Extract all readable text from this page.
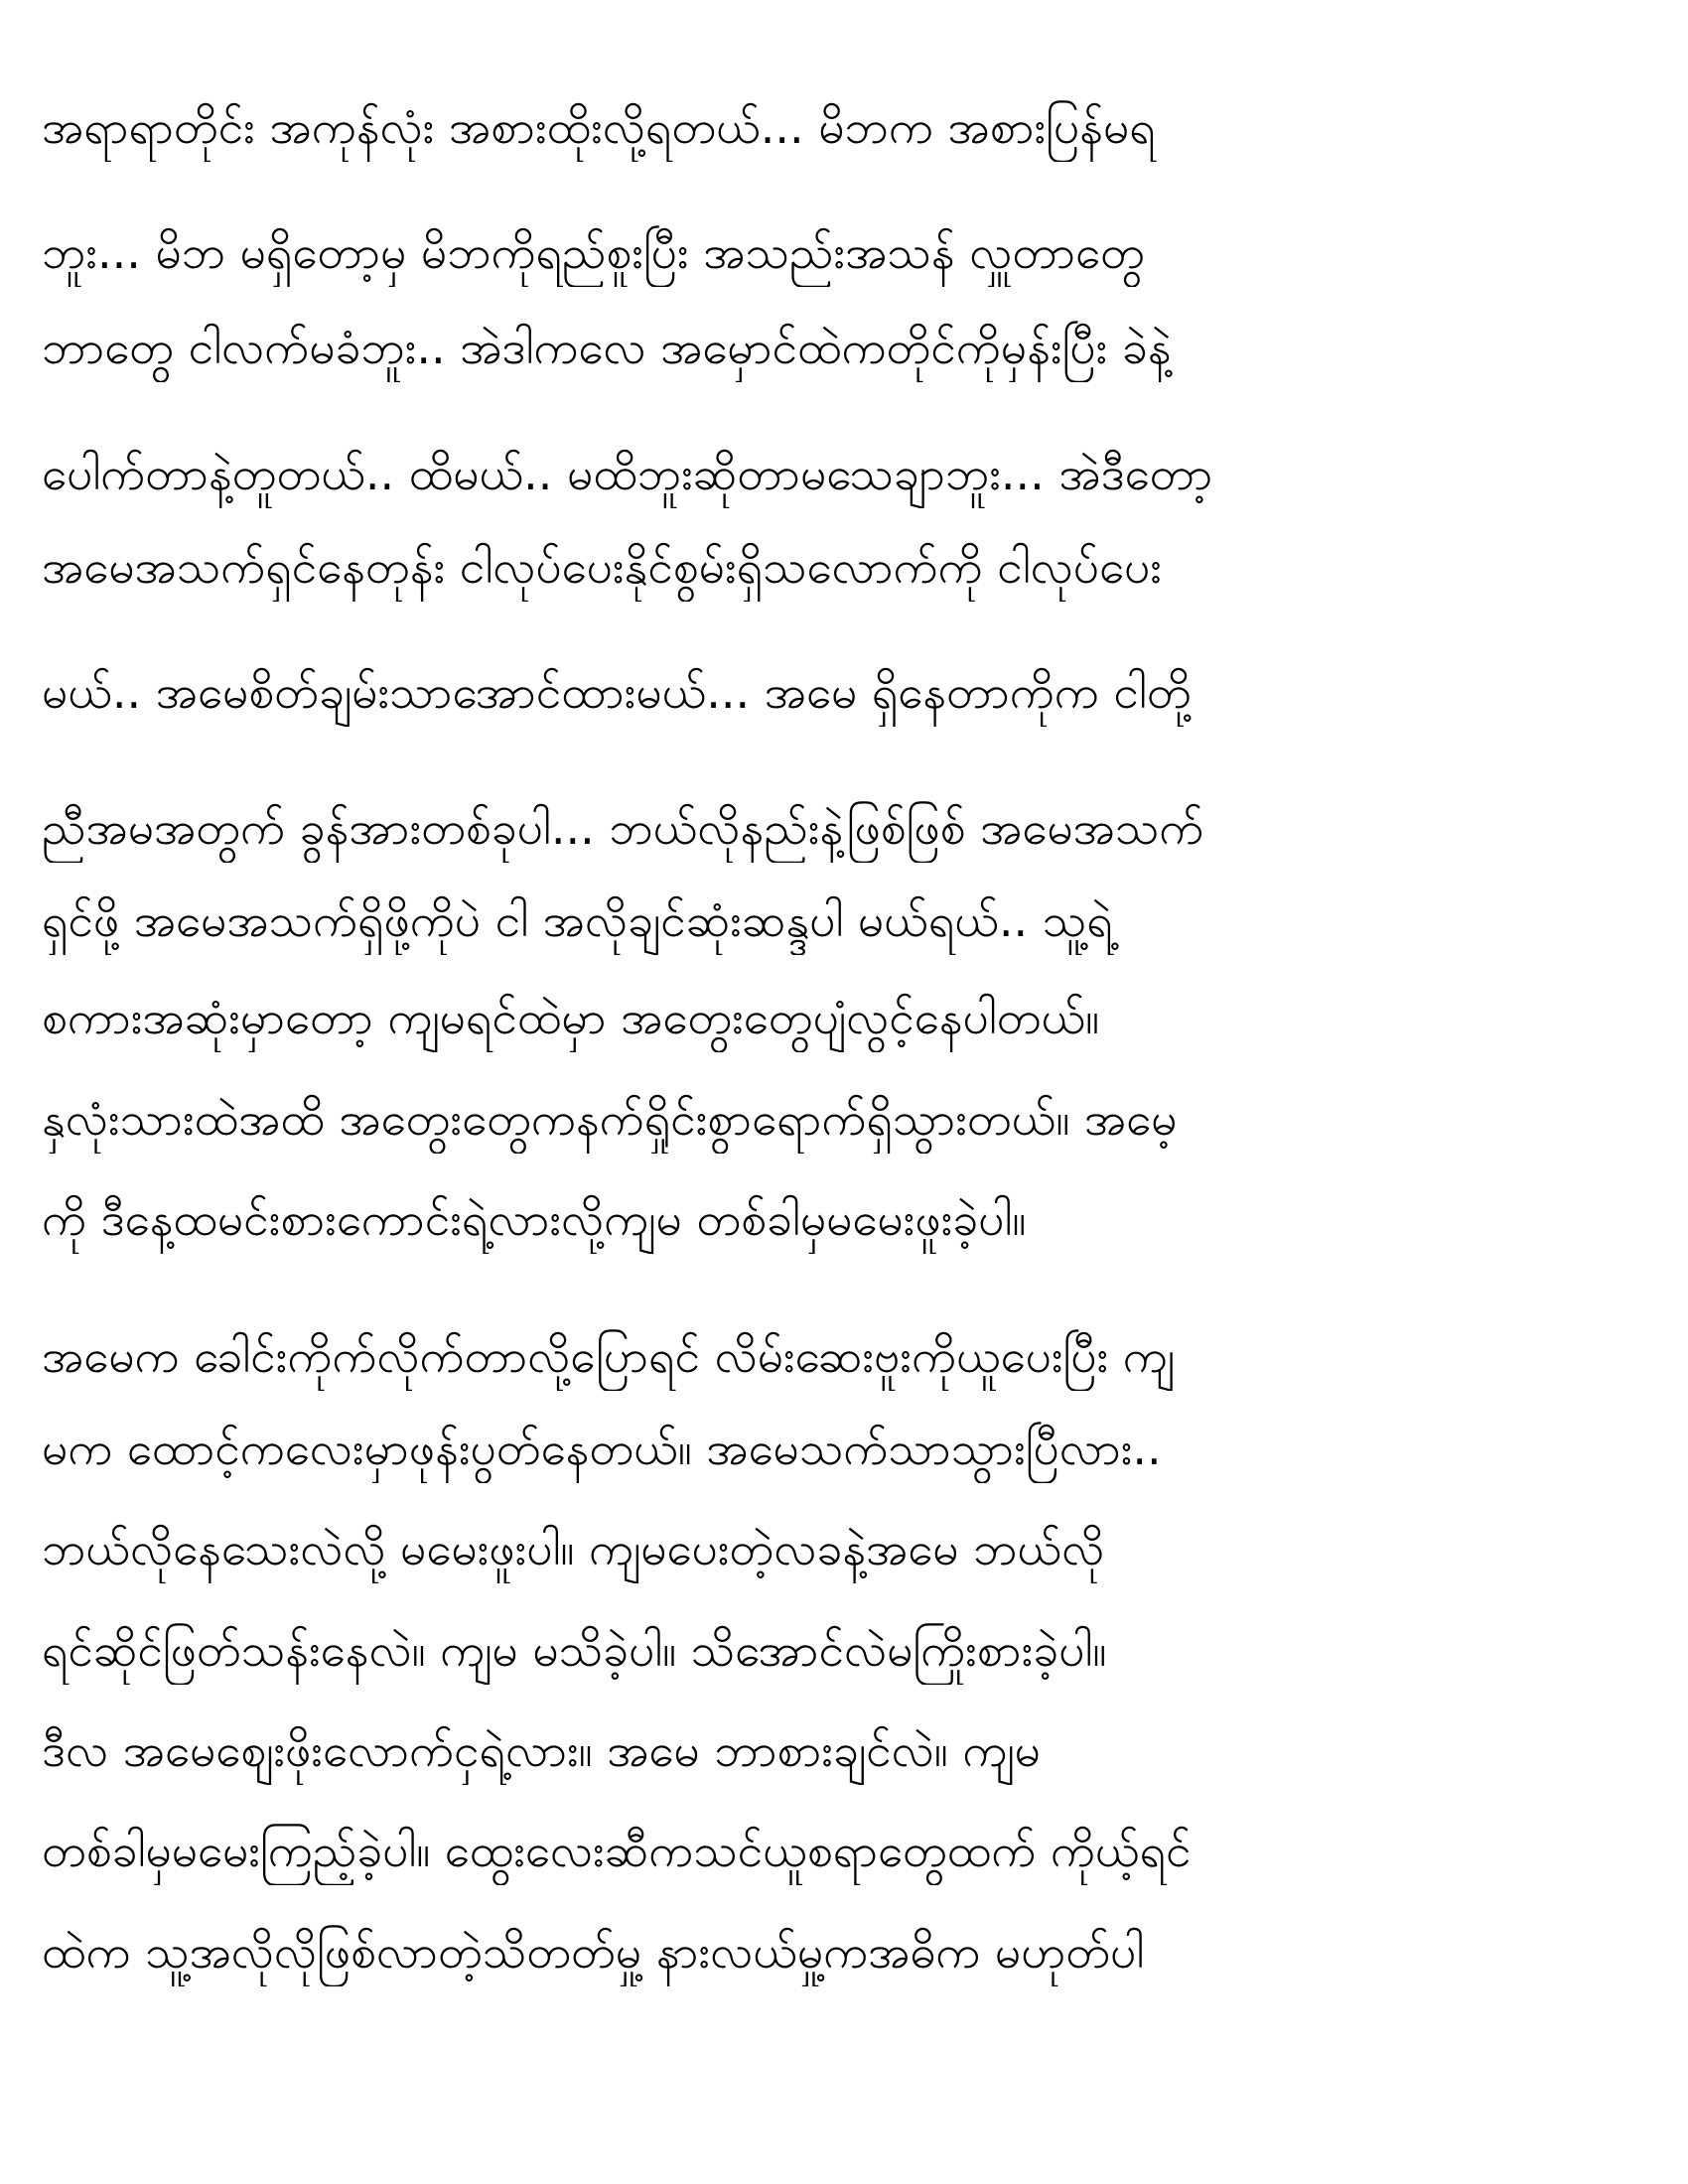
အရာရာတိုင်း အကုန်လုံး အစားထိုးလို့ရတယ်... မိဘက အစားပြန်မရ
ဘူး... မိဘ မရှိတော့မှ မိဘကိုရည်စူးပြီး အသည်းအသန် လှူတာတွေ
ဘာတွေ ငါလက်မခံဘူး.. အဲဒါကလေ အမှောင်ထဲကတိုင်ကိုမှန်းပြီး ခဲနဲ့
ပေါက်တာနဲ့တူတယ်.. ထိမယ်.. မထိဘူးဆိုတာမသေချာဘူး... အဲဒီတော့
အမေအသက်ရှင်နေတုန်း ငါလုပ်ပေးနိုင်စွမ်းရှိသလောက်ကို ငါလုပ်ပေး
မယ်.. အမေစိတ်ချမ်းသာအောင်ထားမယ်... အမေ ရှိနေတာကိုက ငါတို့
ညီအမအတွက် ခွန်အားတစ်ခုပါ... ဘယ်လိုနည်းနဲ့ဖြစ်ဖြစ် အမေအသက်
ရှင်ဖို့ အမေအသက်ရှိဖို့ကိုပဲ ငါ အလိုချင်ဆုံးဆန္ဒပါ မယ်ရယ်.. သူ့ရဲ့
စကားအဆုံးမှာတော့ ကျမရင်ထဲမှာ အတွေးတွေပျံလွင့်နေပါတယ်။
နှလုံးသားထဲအထိ အတွေးတွေကနက်ရှိုင်းစွာရောက်ရှိသွားတယ်။ အမေ့
ကို ဒီနေ့ထမင်းစားကောင်းရဲ့လားလို့ကျမ တစ်ခါမှမမေးဖူးခဲ့ပါ။
အမေက ခေါင်းကိုက်လိုက်တာလို့ပြောရင် လိမ်းဆေးဗူးကိုယူပေးပြီး ကျ
မက ထောင့်ကလေးမှာဖုန်းပွတ်နေတယ်။ အမေသက်သာသွားပြီလား..
ဘယ်လိုနေသေးလဲလို့ မမေးဖူးပါ။ ကျမပေးတဲ့လခနဲ့အမေ ဘယ်လို
ရင်ဆိုင်ဖြတ်သန်းနေလဲ။ ကျမ မသိခဲ့ပါ။ သိအောင်လဲမကြိုးစားခဲ့ပါ။
ဒီလ အမေစျေးဖိုးလောက်ငှရဲ့လား။ အမေ ဘာစားချင်လဲ။ ကျမ
တစ်ခါမှမမေးကြည့်ခဲ့ပါ။ ထွေးလေးဆီကသင်ယူစရာတွေထက် ကိုယ့်ရင်
ထဲက သူ့အလိုလိုဖြစ်လာတဲ့သိတတ်မှု့ နားလယ်မှု့ကအဓိက မဟုတ်ပါ
